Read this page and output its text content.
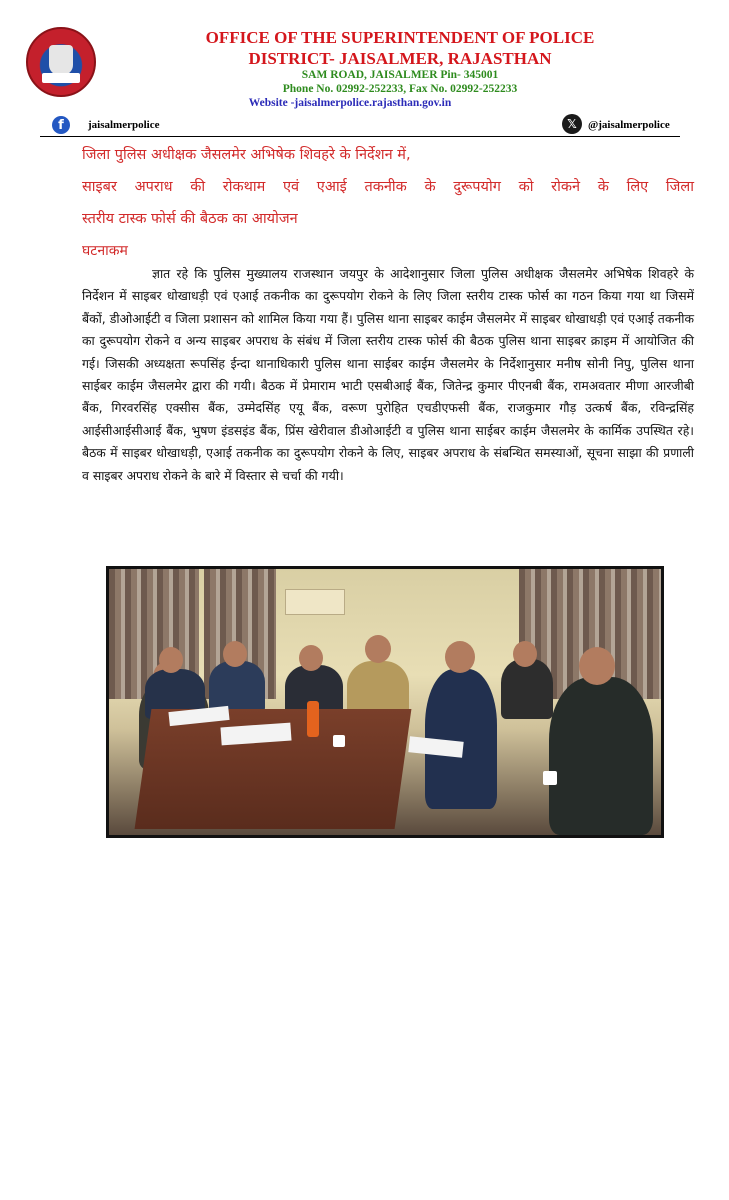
OFFICE OF THE SUPERINTENDENT OF POLICE

DISTRICT- JAISALMER, RAJASTHAN

SAM ROAD, JAISALMER Pin- 345001

Phone No. 02992-252233, Fax No. 02992-252233

Website -jaisalmerpolice.rajasthan.gov.in

f	jaisalmerpolice	𝕏	@jaisalmerpolice

जिला पुलिस अधीक्षक जैसलमेर अभिषेक शिवहरे के निर्देशन में,

साइबर अपराध की रोकथाम एवं एआई तकनीक के दुरूपयोग को रोकने के लिए जिला

स्तरीय टास्क फोर्स की बैठक का आयोजन

घटनाकम

ज्ञात रहे कि पुलिस मुख्यालय राजस्थान जयपुर के आदेशानुसार जिला पुलिस अधीक्षक जैसलमेर अभिषेक शिवहरे के निर्देशन में साइबर धोखाधड़ी एवं एआई तकनीक का दुरूपयोग रोकने के लिए जिला स्तरीय टास्क फोर्स का गठन किया गया था जिसमें बैंकों, डीओआईटी व जिला प्रशासन को शामिल किया गया हैं। पुलिस थाना साइबर काईम जैसलमेर में साइबर धोखाधड़ी एवं एआई तकनीक का दुरूपयोग रोकने व अन्य साइबर अपराध के संबंध में जिला स्तरीय टास्क फोर्स की बैठक पुलिस थाना साइबर क्राइम में आयोजित की गई। जिसकी अध्यक्षता रूपसिंह ईन्दा थानाधिकारी पुलिस थाना साईबर काईम जैसलमेर के निर्देशानुसार मनीष सोनी निपु, पुलिस थाना साईबर काईम जैसलमेर द्वारा की गयी। बैठक में प्रेमाराम भाटी एसबीआई बैंक, जितेन्द्र कुमार पीएनबी बैंक, रामअवतार मीणा आरजीबी बैंक, गिरवरसिंह एक्सीस बैंक, उम्मेदसिंह एयू बैंक, वरूण पुरोहित एचडीएफसी बैंक, राजकुमार गौड़ उत्कर्ष बैंक, रविन्द्रसिंह आईसीआईसीआई बैंक, भुषण इंडसइंड बैंक, प्रिंस खेरीवाल डीओआईटी व पुलिस थाना साईबर काईम जैसलमेर के कार्मिक उपस्थित रहे। बैठक में साइबर धोखाधड़ी, एआई तकनीक का दुरूपयोग रोकने के लिए, साइबर अपराध के संबन्धित समस्याओं, सूचना साझा की प्रणाली व साइबर अपराध रोकने के बारे में विस्तार से चर्चा की गयी।
